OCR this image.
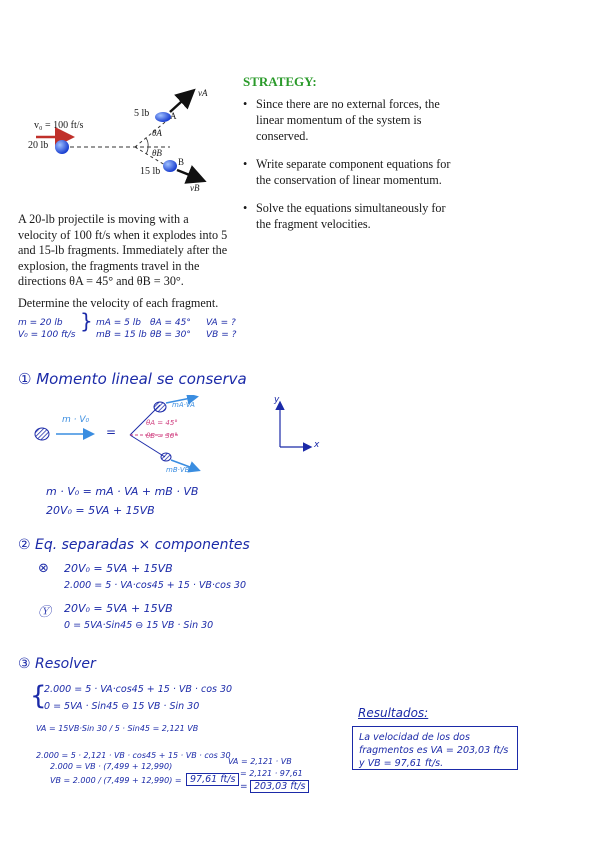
v₀ = 100 ft/s
20 lb
5 lb A
15 lb
B
vA
vB
θA
θB
STRATEGY:
• Since there are no external forces, the linear momentum of the system is conserved.
• Write separate component equations for the conservation of linear momentum.
• Solve the equations simultaneously for the fragment velocities.

A 20-lb projectile is moving with a velocity of 100 ft/s when it explodes into 5 and 15-lb fragments. Immediately after the explosion, the fragments travel in the directions θA = 45° and θB = 30°.

Determine the velocity of each fragment.

m = 20 lb
V₀ = 100 ft/s
} mA = 5 lb
mB = 15 lb
θA = 45°
θB = 30°
VA = ?
VB = ?
① Momento lineal se conserva
m · V₀
=
mA·VA
θA = 45°
θB = 30°
mB·VB
y
x
m · V₀ = mA · VA + mB · VB
20V₀ = 5VA + 15VB
② Eq. separadas × componentes
⊗ 20V₀ = 5VA + 15VB
2.000 = 5 · VA·cos45 + 15 · VB·cos 30
Ⓨ 20V₀ = 5VA + 15VB
0 = 5VA·Sin45 ⊖ 15 VB · Sin 30
③ Resolver
{
2.000 = 5 · VA·cos45 + 15 · VB · cos 30
0 = 5VA · Sin45 ⊖ 15 VB · Sin 30
VA = 15VB·Sin 30 / 5 · Sin45 = 2,121 VB
2.000 = 5 · 2,121 · VB · cos45 + 15 · VB · cos 30
2.000 = VB · (7,499 + 12,990)
VB = 2.000 / (7,499 + 12,990) = 97,61 ft/s
VA = 2,121 · VB
= 2,121 · 97,61
= 203,03 ft/s
Resultados:
La velocidad de los dos
fragmentos es VA = 203,03 ft/s
y VB = 97,61 ft/s.
